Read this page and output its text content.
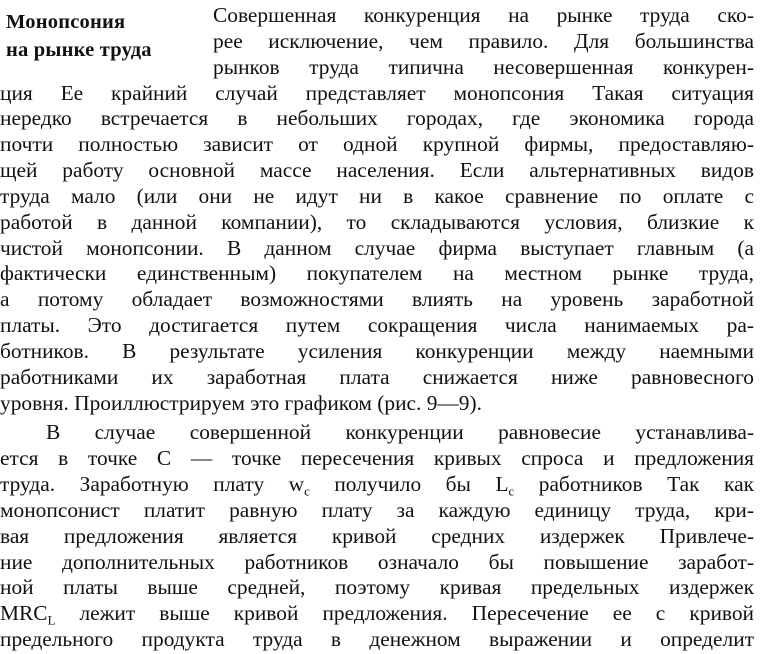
Монопсония
на рынке труда
Совершенная конкуренция на рынке труда ско-
рее исключение, чем правило. Для большинства
рынков труда типична несовершенная конкурен-
ция Ее крайний случай представляет монопсония Такая ситуация
нередко встречается в небольших городах, где экономика города
почти полностью зависит от одной крупной фирмы, предоставляю-
щей работу основной массе населения. Если альтернативных видов
труда мало (или они не идут ни в какое сравнение по оплате с
работой в данной компании), то складываются условия, близкие к
чистой монопсонии. В данном случае фирма выступает главным (а
фактически единственным) покупателем на местном рынке труда,
а потому обладает возможностями влиять на уровень заработной
платы. Это достигается путем сокращения числа нанимаемых ра-
ботников. В результате усиления конкуренции между наемными
работниками их заработная плата снижается ниже равновесного
уровня. Проиллюстрируем это графиком (рис. 9—9).
В случае совершенной конкуренции равновесие устанавлива-
ется в точке С — точке пересечения кривых спроса и предложения
труда. Заработную плату $w_c$ получило бы $L_c$ работников Так как
монопсонист платит равную плату за каждую единицу труда, кри-
вая предложения является кривой средних издержек Привлече-
ние дополнительных работников означало бы повышение заработ-
ной платы выше средней, поэтому кривая предельных издержек
$MRC_L$ лежит выше кривой предложения. Пересечение ее с кривой
предельного продукта труда в денежном выражении и определит
